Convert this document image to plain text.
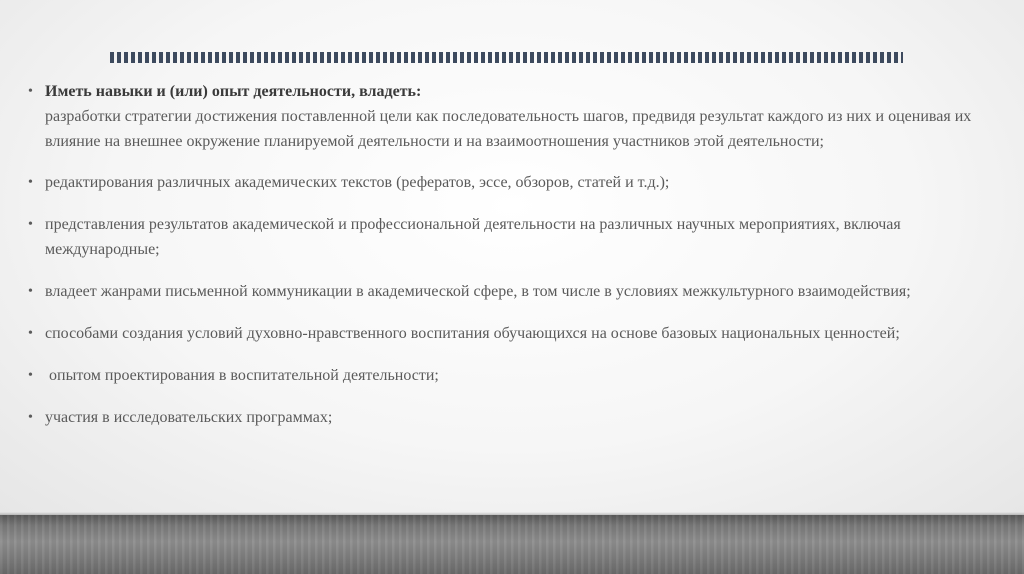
• Иметь навыки и (или) опыт деятельности, владеть:
разработки стратегии достижения поставленной цели как последовательность шагов, предвидя результат каждого из них и оценивая их влияние на внешнее окружение планируемой деятельности и на взаимоотношения участников этой деятельности;
• редактирования различных академических текстов (рефератов, эссе, обзоров, статей и т.д.);
• представления результатов академической и профессиональной деятельности на различных научных мероприятиях, включая международные;
• владеет жанрами письменной коммуникации в академической сфере, в том числе в условиях межкультурного взаимодействия;
• способами создания условий духовно-нравственного воспитания обучающихся на основе базовых национальных ценностей;
• опытом проектирования в воспитательной деятельности;
• участия в исследовательских программах;
